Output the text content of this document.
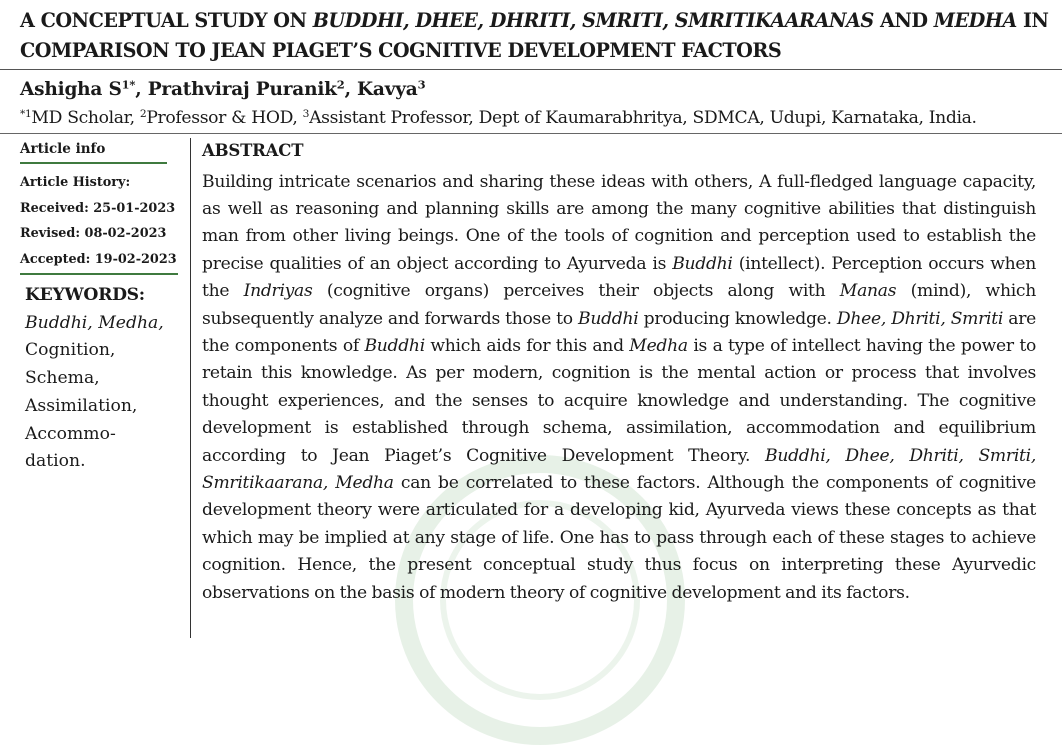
A CONCEPTUAL STUDY ON BUDDHI, DHEE, DHRITI, SMRITI, SMRITIKAARANAS AND MEDHA IN
COMPARISON TO JEAN PIAGET’S COGNITIVE DEVELOPMENT FACTORS
Ashigha $S^{1*}$, Prathviraj Puranik$^2$, Kavya$^3$
$^{*1}$MD Scholar, $^2$Professor & HOD, $^3$Assistant Professor, Dept of Kaumarabhritya, SDMCA, Udupi, Karnataka, India.
Article info
Article History:
Received: 25-01-2023
Revised: 08-02-2023
Accepted: 19-02-2023
KEYWORDS:
Buddhi, Medha,
Cognition,
Schema,
Assimilation,
Accommo-
dation.
ABSTRACT
Building intricate scenarios and sharing these ideas with others, A full-fledged language capacity, as well as reasoning and planning skills are among the many cognitive abilities that distinguish man from other living beings. One of the tools of cognition and perception used to establish the precise qualities of an object according to Ayurveda is Buddhi (intellect). Perception occurs when the Indriyas (cognitive organs) perceives their objects along with Manas (mind), which subsequently analyze and forwards those to Buddhi producing knowledge. Dhee, Dhriti, Smriti are the components of Buddhi which aids for this and Medha is a type of intellect having the power to retain this knowledge. As per modern, cognition is the mental action or process that involves thought experiences, and the senses to acquire knowledge and understanding. The cognitive development is established through schema, assimilation, accommodation and equilibrium according to Jean Piaget’s Cognitive Development Theory. Buddhi, Dhee, Dhriti, Smriti, Smritikaarana, Medha can be correlated to these factors. Although the components of cognitive development theory were articulated for a developing kid, Ayurveda views these concepts as that which may be implied at any stage of life. One has to pass through each of these stages to achieve cognition. Hence, the present conceptual study thus focus on interpreting these Ayurvedic observations on the basis of modern theory of cognitive development and its factors.
